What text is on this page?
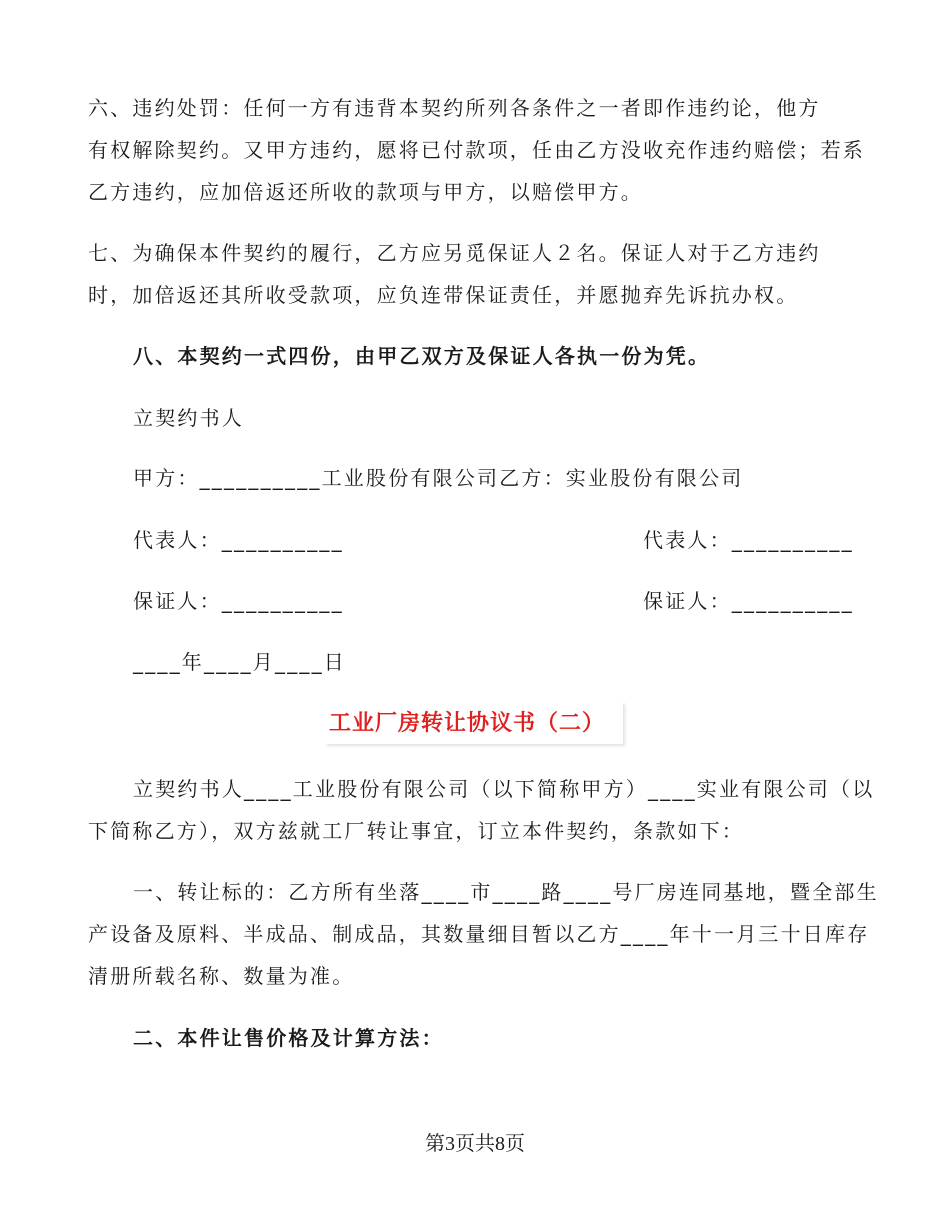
六、违约处罚：任何一方有违背本契约所列各条件之一者即作违约论，他方
有权解除契约。又甲方违约，愿将已付款项，任由乙方没收充作违约赔偿；若系
乙方违约，应加倍返还所收的款项与甲方，以赔偿甲方。
七、为确保本件契约的履行，乙方应另觅保证人２名。保证人对于乙方违约
时，加倍返还其所收受款项，应负连带保证责任，并愿抛弃先诉抗办权。
八、本契约一式四份，由甲乙双方及保证人各执一份为凭。
立契约书人
甲方：__________工业股份有限公司乙方：实业股份有限公司
代表人：__________	代表人：__________
保证人：__________	保证人：__________
____年____月____日
工业厂房转让协议书（二）
立契约书人____工业股份有限公司（以下简称甲方）____实业有限公司（以
下简称乙方），双方兹就工厂转让事宜，订立本件契约，条款如下：
一、转让标的：乙方所有坐落____市____路____号厂房连同基地，暨全部生
产设备及原料、半成品、制成品，其数量细目暂以乙方____年十一月三十日库存
清册所载名称、数量为准。
二、本件让售价格及计算方法：
第3页共8页
